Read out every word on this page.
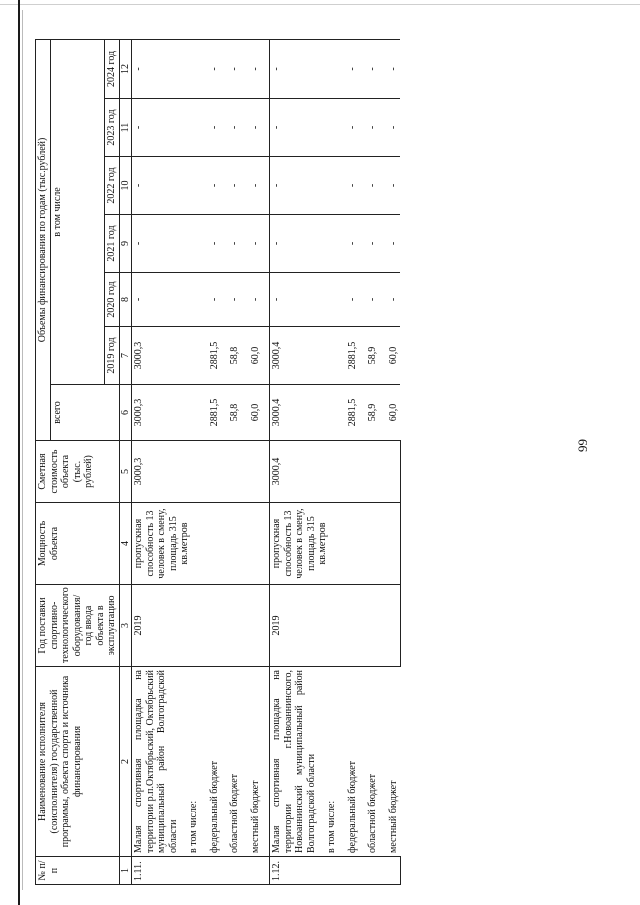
99
№ п/п	Наименование исполнителя (соисполнителя) государственной программы, объекта спорта и источника финансирования	Год поставки спортивно-технологического оборудования/ год ввода объекта в эксплуатацию	Мощность объекта	Сметная стоимость объекта (тыс. рублей)	Объемы финансирования по годам (тыс.рублей)						
					всего	в том числе					
						2019 год	2020 год	2021 год	2022 год	2023 год	2024 год
1	2	3	4	5	6	7	8	9	10	11	12
1.11.	Малая спортивная площадка на территории р.п.Октябрьский, Октябрьский муниципальный район Волгоградской области	2019	пропускная способность 13 человек в смену, площадь 315 кв.метров	3000,3	3000,3	3000,3	-	-	-	-	-
	в том числе:										
	федеральный бюджет				2881,5	2881,5	-	-	-	-	-
	областной бюджет				58,8	58,8	-	-	-	-	-
	местный бюджет				60,0	60,0	-	-	-	-	-
1.12.	Малая спортивная площадка на территории г.Новоаннинского, Новоаннинский муниципальный район Волгоградской области	2019	пропускная способность 13 человек в смену, площадь 315 кв.метров	3000,4	3000,4	3000,4	-	-	-	-	-
	в том числе:										
	федеральный бюджет				2881,5	2881,5	-	-	-	-	-
	областной бюджет				58,9	58,9	-	-	-	-	-
	местный бюджет				60,0	60,0	-	-	-	-	-
